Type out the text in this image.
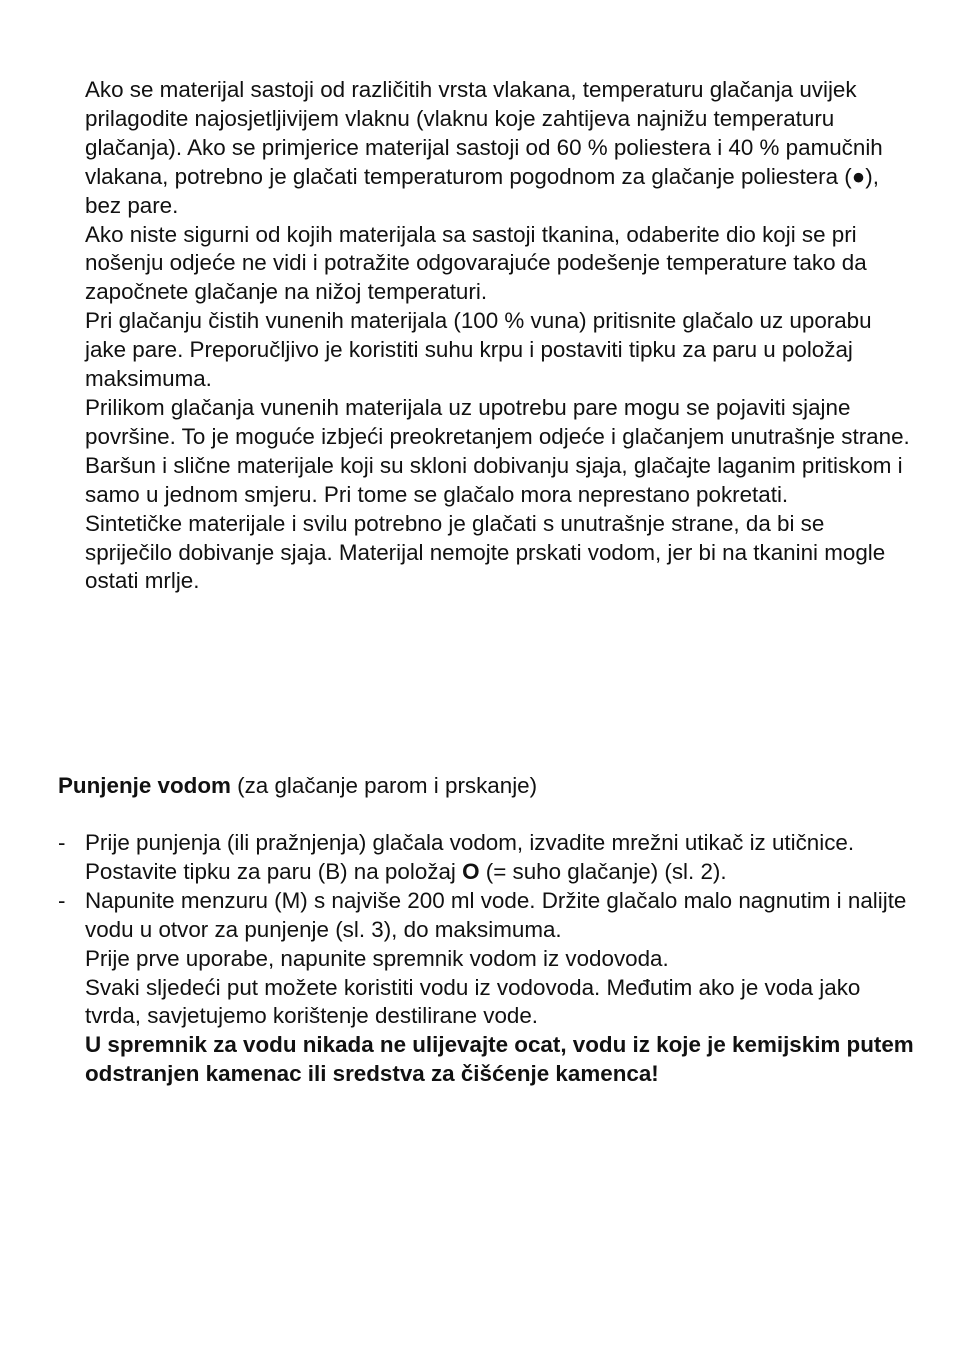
Ako se materijal sastoji od različitih vrsta vlakana, temperaturu glačanja uvijek prilagodite najosjetljivijem vlaknu (vlaknu koje zahtijeva najnižu temperaturu glačanja). Ako se primjerice materijal sastoji od 60 % poliestera i 40 % pamučnih vlakana, potrebno je glačati temperaturom pogodnom za glačanje poliestera (●), bez pare.

Ako niste sigurni od kojih materijala sa sastoji tkanina, odaberite dio koji se pri nošenju odjeće ne vidi i potražite odgovarajuće podešenje temperature tako da započnete glačanje na nižoj temperaturi.

Pri glačanju čistih vunenih materijala (100 % vuna) pritisnite glačalo uz uporabu jake pare. Preporučljivo je koristiti suhu krpu i postaviti tipku za paru u položaj maksimuma.

Prilikom glačanja vunenih materijala uz upotrebu pare mogu se pojaviti sjajne površine. To je moguće izbjeći preokretanjem odjeće i glačanjem unutrašnje strane.

Baršun i slične materijale koji su skloni dobivanju sjaja, glačajte laganim pritiskom i samo u jednom smjeru. Pri tome se glačalo mora neprestano pokretati.

Sintetičke materijale i svilu potrebno je glačati s unutrašnje strane, da bi se spriječilo dobivanje sjaja. Materijal nemojte prskati vodom, jer bi na tkanini mogle ostati mrlje.

Punjenje vodom (za glačanje parom i prskanje)
- Prije punjenja (ili pražnjenja) glačala vodom, izvadite mrežni utikač iz utičnice. Postavite tipku za paru (B) na položaj O (= suho glačanje) (sl. 2).
- Napunite menzuru (M) s najviše 200 ml vode. Držite glačalo malo nagnutim i nalijte vodu u otvor za punjenje (sl. 3), do maksimuma.
Prije prve uporabe, napunite spremnik vodom iz vodovoda.
Svaki sljedeći put možete koristiti vodu iz vodovoda. Međutim ako je voda jako tvrda, savjetujemo korištenje destilirane vode.
U spremnik za vodu nikada ne ulijevajte ocat, vodu iz koje je kemijskim putem odstranjen kamenac ili sredstva za čišćenje kamenca!
